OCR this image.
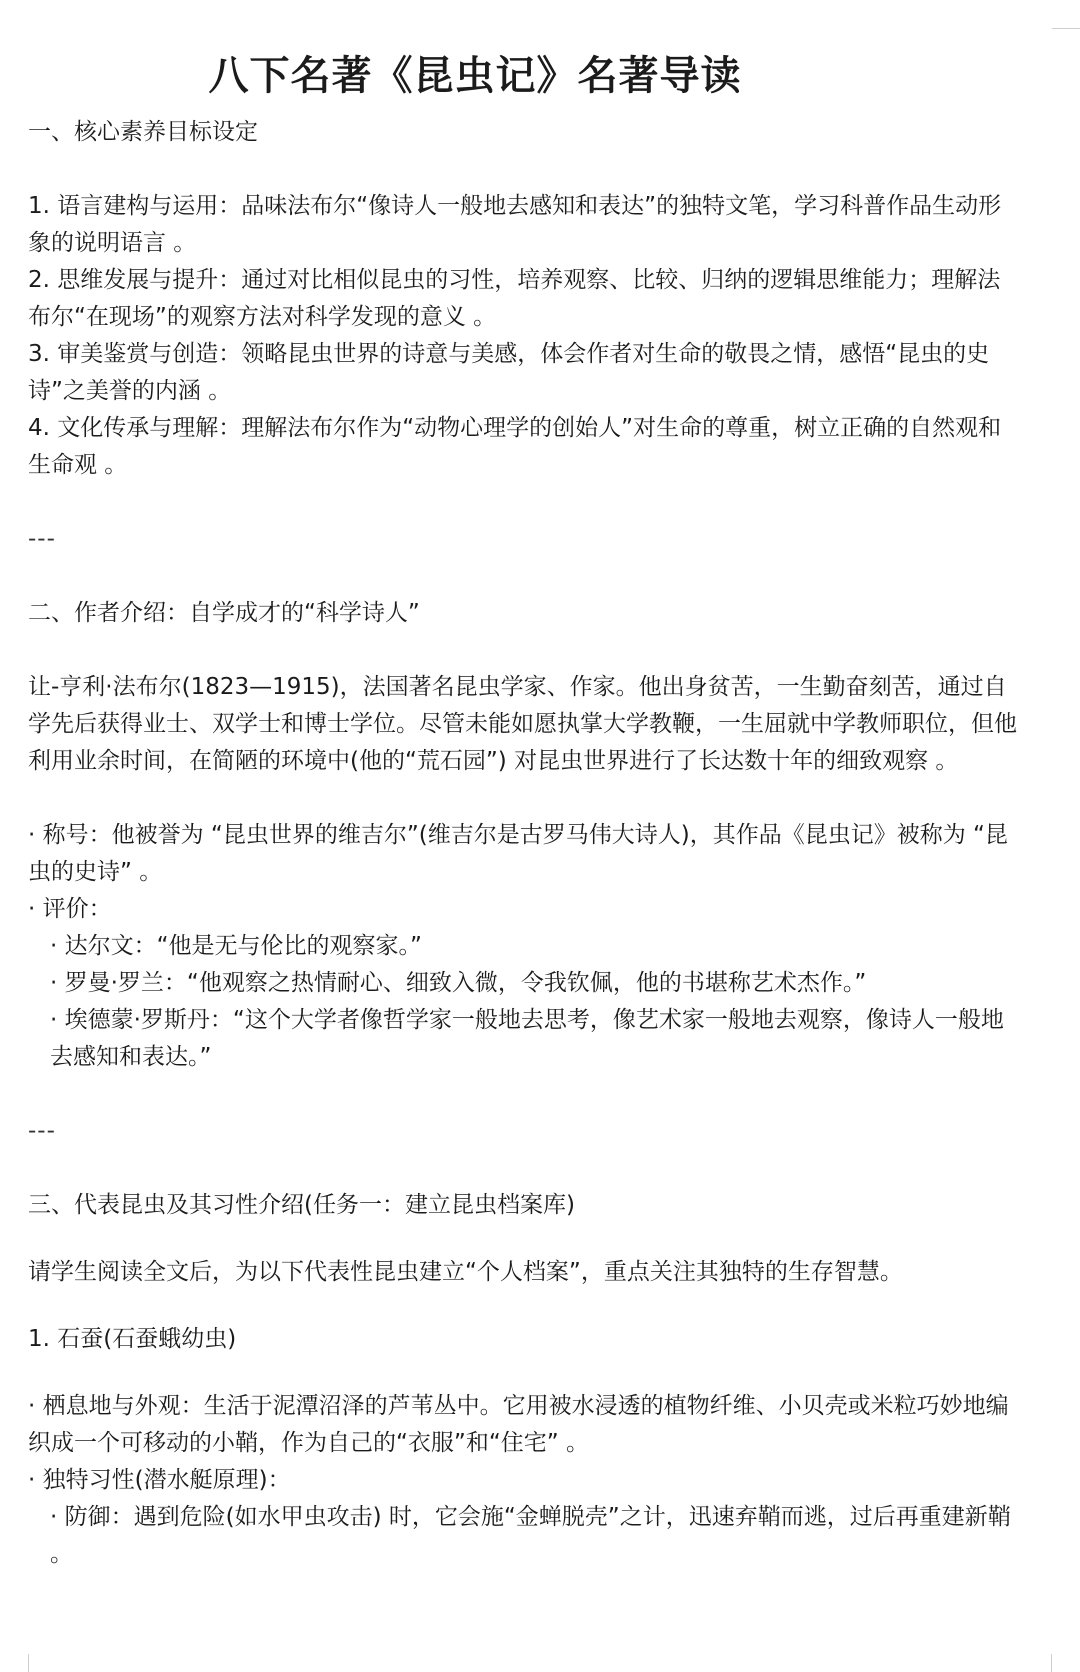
八下名著《昆虫记》名著导读

一、核心素养目标设定

1. 语言建构与运用：品味法布尔“像诗人一般地去感知和表达”的独特文笔，学习科普作品生动形象的说明语言 。

2. 思维发展与提升：通过对比相似昆虫的习性，培养观察、比较、归纳的逻辑思维能力；理解法布尔“在现场”的观察方法对科学发现的意义 。

3. 审美鉴赏与创造：领略昆虫世界的诗意与美感，体会作者对生命的敬畏之情，感悟“昆虫的史诗”之美誉的内涵 。

4. 文化传承与理解：理解法布尔作为“动物心理学的创始人”对生命的尊重，树立正确的自然观和生命观 。

---

二、作者介绍：自学成才的“科学诗人”

让-亨利·法布尔(1823—1915)，法国著名昆虫学家、作家。他出身贫苦，一生勤奋刻苦，通过自学先后获得业士、双学士和博士学位。尽管未能如愿执掌大学教鞭，一生屈就中学教师职位，但他利用业余时间，在简陋的环境中(他的“荒石园”) 对昆虫世界进行了长达数十年的细致观察 。

· 称号：他被誉为 “昆虫世界的维吉尔”(维吉尔是古罗马伟大诗人)，其作品《昆虫记》被称为 “昆虫的史诗” 。

· 评价：

· 达尔文：“他是无与伦比的观察家。”

· 罗曼·罗兰：“他观察之热情耐心、细致入微，令我钦佩，他的书堪称艺术杰作。”

· 埃德蒙·罗斯丹：“这个大学者像哲学家一般地去思考，像艺术家一般地去观察，像诗人一般地去感知和表达。”

---

三、代表昆虫及其习性介绍(任务一：建立昆虫档案库)

请学生阅读全文后，为以下代表性昆虫建立“个人档案”，重点关注其独特的生存智慧。

1. 石蚕(石蚕蛾幼虫)

· 栖息地与外观：生活于泥潭沼泽的芦苇丛中。它用被水浸透的植物纤维、小贝壳或米粒巧妙地编织成一个可移动的小鞘，作为自己的“衣服”和“住宅” 。

· 独特习性(潜水艇原理)：

· 防御：遇到危险(如水甲虫攻击) 时，它会施“金蝉脱壳”之计，迅速弃鞘而逃，过后再重建新鞘 。
